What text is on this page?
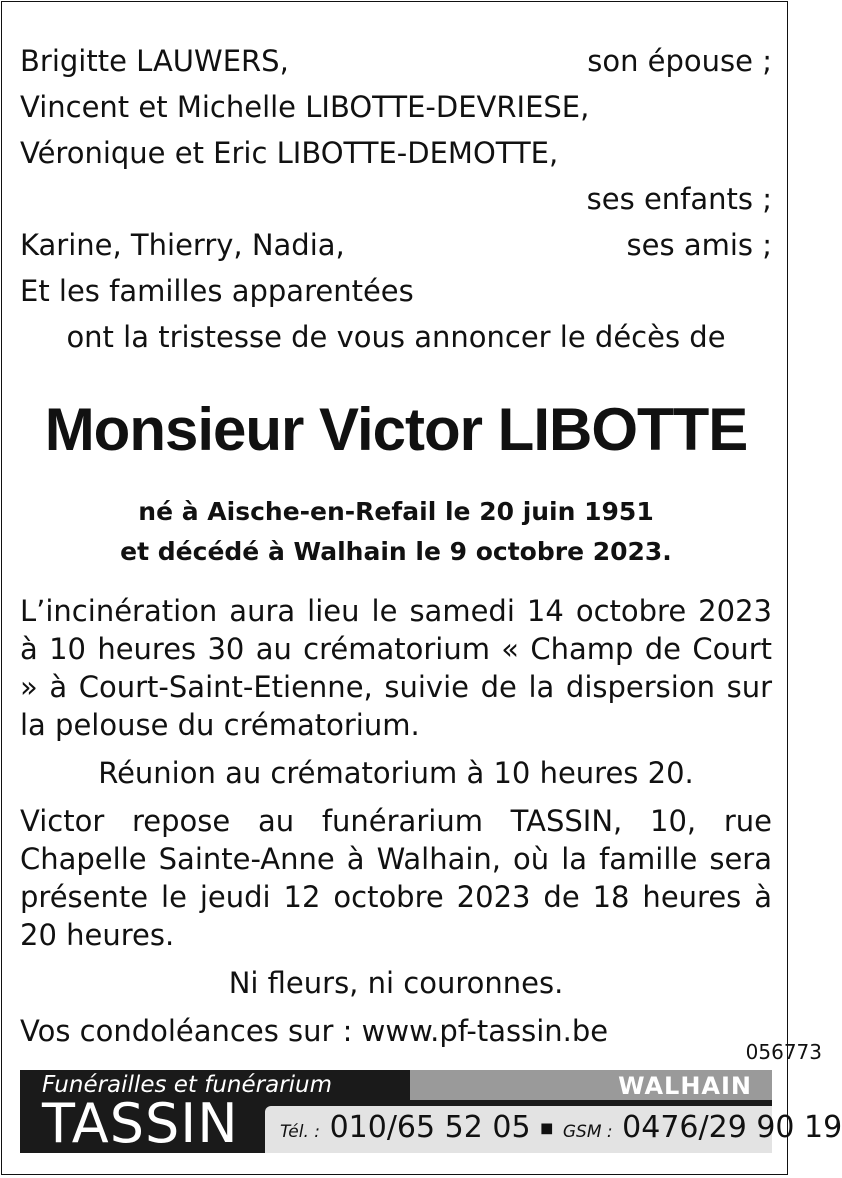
Brigitte LAUWERS,	son épouse ;
Vincent et Michelle LIBOTTE-DEVRIESE,
Véronique et Eric LIBOTTE-DEMOTTE,
ses enfants ;
Karine, Thierry, Nadia,	ses amis ;
Et les familles apparentées
ont la tristesse de vous annoncer le décès de
Monsieur Victor LIBOTTE
né à Aische-en-Refail le 20 juin 1951
et décédé à Walhain le 9 octobre 2023.
L’incinération aura lieu le samedi 14 octobre 2023 à 10 heures 30 au crématorium « Champ de Court » à Court-Saint-Etienne, suivie de la dispersion sur la pelouse du crématorium.
Réunion au crématorium à 10 heures 20.
Victor repose au funérarium TASSIN, 10, rue Chapelle Sainte-Anne à Walhain, où la famille sera présente le jeudi 12 octobre 2023 de 18 heures à 20 heures.
Ni fleurs, ni couronnes.
Vos condoléances sur : www.pf-tassin.be
056773
Funérailles et funérarium
TASSIN
WALHAIN
Tél. : 010/65 52 05 ■ GSM : 0476/29 90 19
